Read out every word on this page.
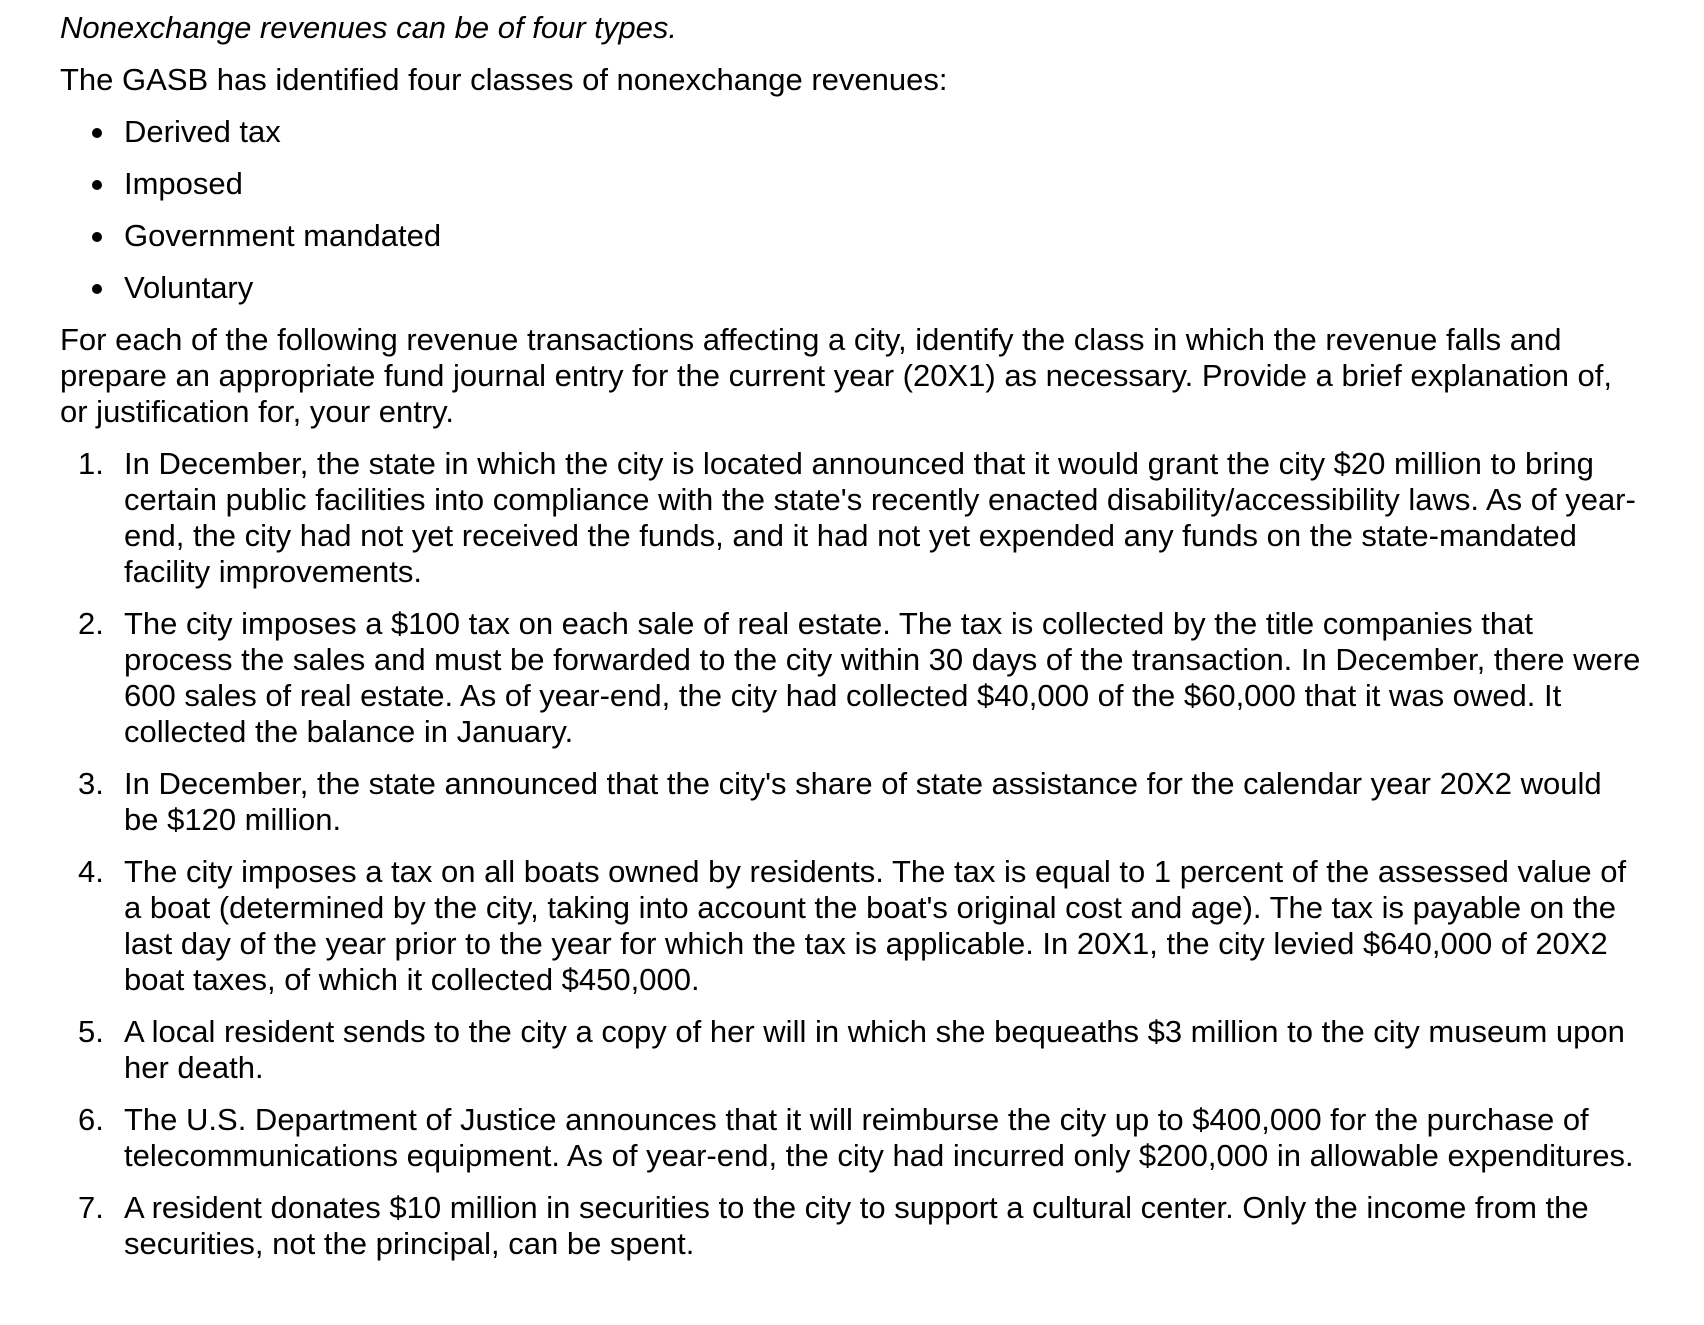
Nonexchange revenues can be of four types.

The GASB has identified four classes of nonexchange revenues:

Derived tax
Imposed
Government mandated
Voluntary

For each of the following revenue transactions affecting a city, identify the class in which the revenue falls and prepare an appropriate fund journal entry for the current year (20X1) as necessary. Provide a brief explanation of, or justification for, your entry.

1. In December, the state in which the city is located announced that it would grant the city $20 million to bring certain public facilities into compliance with the state's recently enacted disability/accessibility laws. As of year-end, the city had not yet received the funds, and it had not yet expended any funds on the state-mandated facility improvements.
2. The city imposes a $100 tax on each sale of real estate. The tax is collected by the title companies that process the sales and must be forwarded to the city within 30 days of the transaction. In December, there were 600 sales of real estate. As of year-end, the city had collected $40,000 of the $60,000 that it was owed. It collected the balance in January.
3. In December, the state announced that the city's share of state assistance for the calendar year 20X2 would be $120 million.
4. The city imposes a tax on all boats owned by residents. The tax is equal to 1 percent of the assessed value of a boat (determined by the city, taking into account the boat's original cost and age). The tax is payable on the last day of the year prior to the year for which the tax is applicable. In 20X1, the city levied $640,000 of 20X2 boat taxes, of which it collected $450,000.
5. A local resident sends to the city a copy of her will in which she bequeaths $3 million to the city museum upon her death.
6. The U.S. Department of Justice announces that it will reimburse the city up to $400,000 for the purchase of telecommunications equipment. As of year-end, the city had incurred only $200,000 in allowable expenditures.
7. A resident donates $10 million in securities to the city to support a cultural center. Only the income from the securities, not the principal, can be spent.
